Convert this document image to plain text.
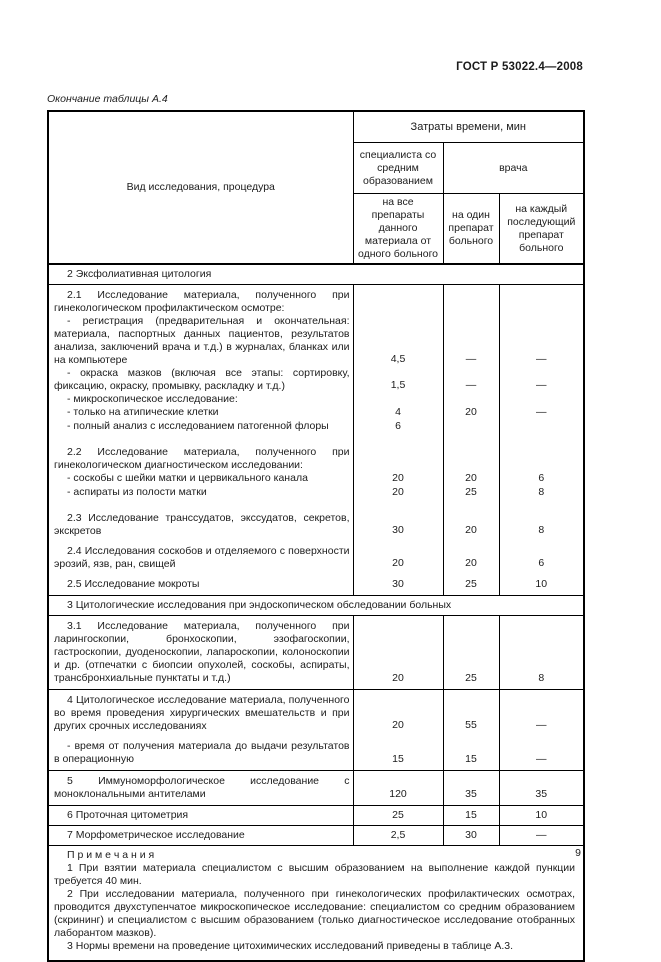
ГОСТ Р 53022.4—2008
Окончание таблицы А.4
Вид исследования, процедура	Затраты времени, мин		
	специалиста со средним образованием	врача	
	на все препараты данного материала от одного больного	на один препарат больного	на каждый последующий препарат больного
2 Эксфолиативная цитология			
2.1 Исследование материала, полученного при гинекологическом профилактическом осмотре:			
- регистрация (предварительная и окончательная: материала, паспортных данных пациентов, результатов анализа, заключений врача и т.д.) в журналах, бланках или на компьютере	4,5	—	—
- окраска мазков (включая все этапы: сортировку, фиксацию, окраску, промывку, раскладку и т.д.)	1,5	—	—
- микроскопическое исследование:			
- только на атипические клетки	4	20	—
- полный анализ с исследованием патогенной флоры	6		
2.2 Исследование материала, полученного при гинекологическом диагностическом исследовании:			
- соскобы с шейки матки и цервикального канала	20	20	6
- аспираты из полости матки	20	25	8
2.3 Исследование транссудатов, экссудатов, секретов, экскретов	30	20	8
2.4 Исследования соскобов и отделяемого с поверхности эрозий, язв, ран, свищей	20	20	6
2.5 Исследование мокроты	30	25	10
3 Цитологические исследования при эндоскопическом обследовании больных			
3.1 Исследование материала, полученного при ларингоскопии, бронхоскопии, эзофагоскопии, гастроскопии, дуоденоскопии, лапароскопии, колоноскопии и др. (отпечатки с биопсии опухолей, соскобы, аспираты, трансбронхиальные пунктаты и т.д.)	20	25	8
4 Цитологическое исследование материала, полученного во время проведения хирургических вмешательств и при других срочных исследованиях	20	55	—
- время от получения материала до выдачи результатов в операционную	15	15	—
5 Иммуноморфологическое исследование с моноклональными антителами	120	35	35
6 Проточная цитометрия	25	15	10
7 Морфометрическое исследование	2,5	30	—

П р и м е ч а н и я

1 При взятии материала специалистом с высшим образованием на выполнение каждой пункции требуется 40 мин.

2 При исследовании материала, полученного при гинекологических профилактических осмотрах, проводится двухступенчатое микроскопическое исследование: специалистом со средним образованием (скрининг) и специалистом с высшим образованием (только диагностическое исследование отобранных лаборантом мазков).

3 Нормы времени на проведение цитохимических исследований приведены в таблице А.3.			

9
